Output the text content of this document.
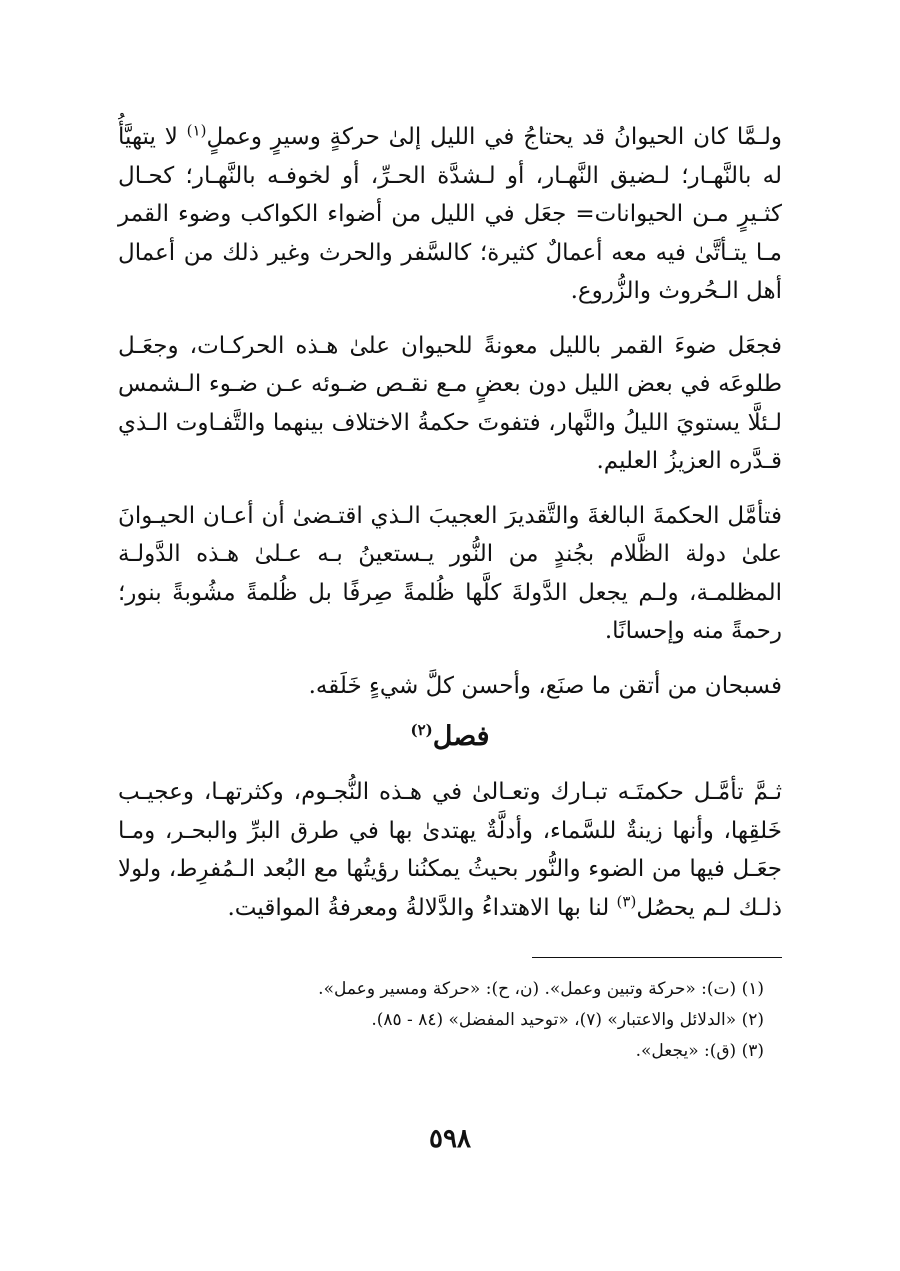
ولـمَّا كان الحيوانُ قد يحتاجُ في الليل إلىٰ حركةٍ وسيرٍ وعملٍ$^{(١)}$ لا يتهيَّأُ له بالنَّهـار؛ لـضيق النَّهـار، أو لـشدَّة الحـرِّ، أو لخوفـه بالنَّهـار؛ كحـال كثـيرٍ مـن الحيوانات= جعَل في الليل من أضواء الكواكب وضوء القمر مـا يتـأتَّىٰ فيه معه أعمالٌ كثيرة؛ كالسَّفر والحرث وغير ذلك من أعمال أهل الـحُروث والزُّروع.

فجعَل ضوءَ القمر بالليل معونةً للحيوان علىٰ هـذه الحركـات، وجعَـل طلوعَه في بعض الليل دون بعضٍ مـع نقـص ضـوئه عـن ضـوء الـشمس لـئلَّا يستويَ الليلُ والنَّهار، فتفوتَ حكمةُ الاختلاف بينهما والتَّفـاوت الـذي قـدَّره العزيزُ العليم.

فتأمَّل الحكمةَ البالغةَ والتَّقديرَ العجيبَ الـذي اقتـضىٰ أن أعـان الحيـوانَ علىٰ دولة الظَّلام بجُندٍ من النُّور يـستعينُ بـه عـلىٰ هـذه الدَّولـة المظلمـة، ولـم يجعل الدَّولةَ كلَّها ظُلمةً صِرفًا بل ظُلمةً مشُوبةً بنور؛ رحمةً منه وإحسانًا.

فسبحان من أتقن ما صنَع، وأحسن كلَّ شيءٍ خَلَقه.

فصل$^{(٢)}$

ثـمَّ تأمَّـل حكمتَـه تبـارك وتعـالىٰ في هـذه النُّجـوم، وكثرتهـا، وعجيـب خَلقِها، وأنها زينةٌ للسَّماء، وأدلَّةٌ يهتدىٰ بها في طرق البرِّ والبحـر، ومـا جعَـل فيها من الضوء والنُّور بحيثُ يمكنُنا رؤيتُها مع البُعد الـمُفرِط، ولولا ذلـك لـم يحصُل$^{(٣)}$ لنا بها الاهتداءُ والدَّلالةُ ومعرفةُ المواقيت.

(١) (ت): «حركة وتبين وعمل». (ن، ح): «حركة ومسير وعمل».

(٢) «الدلائل والاعتبار» (٧)، «توحيد المفضل» (٨٤ - ٨٥).

(٣) (ق): «يجعل».

٥٩٨
